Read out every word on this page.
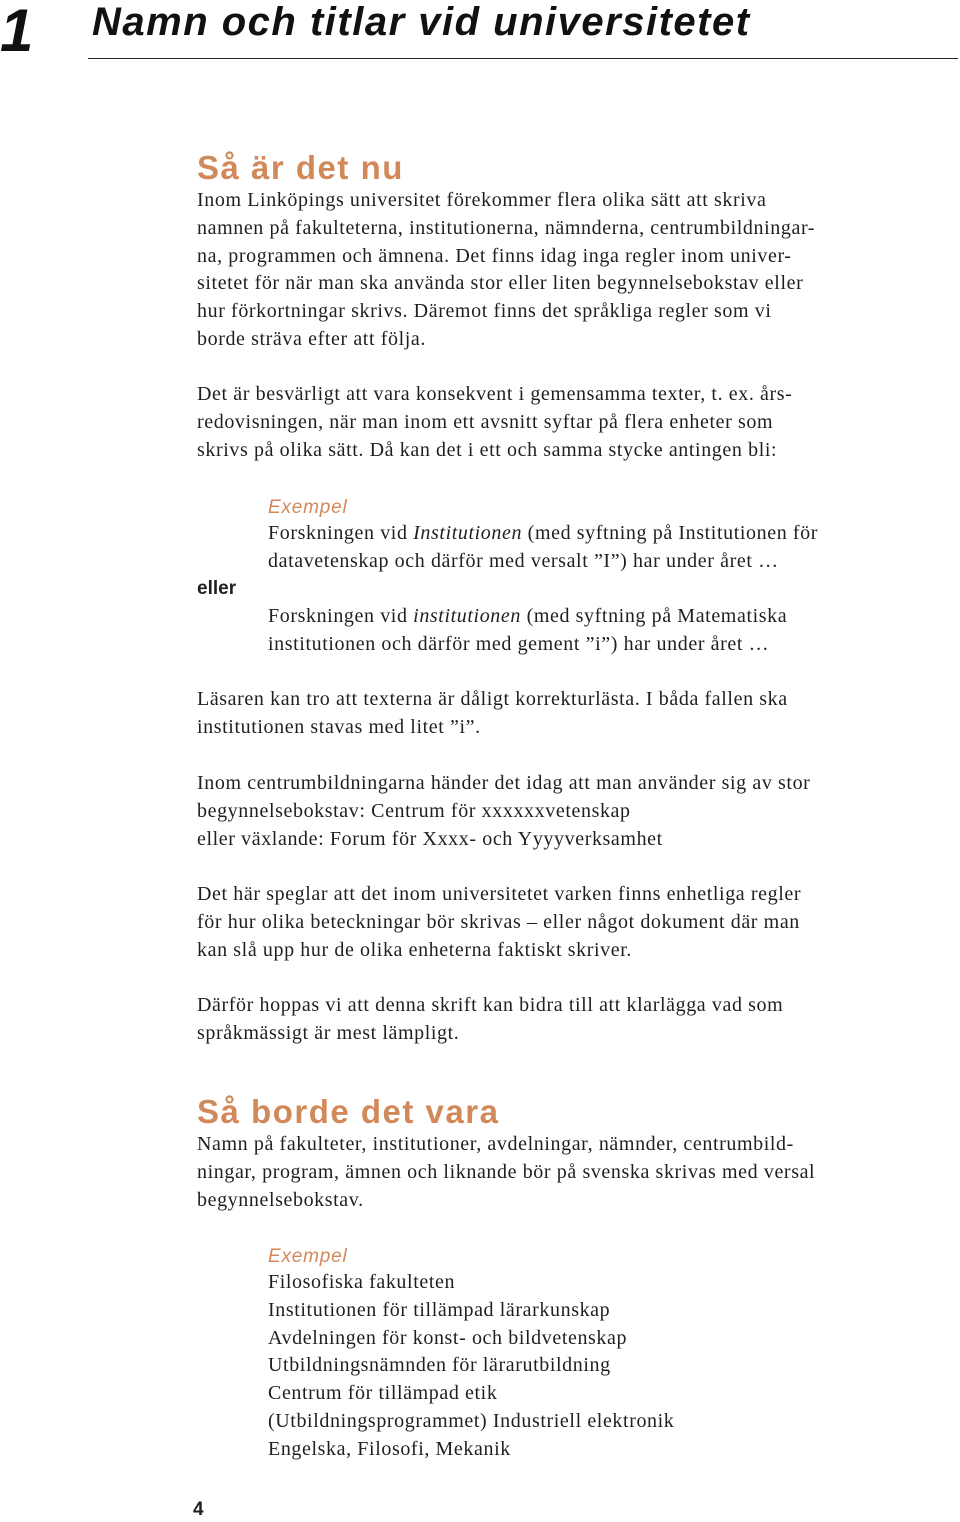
1 Namn och titlar vid universitetet
Så är det nu
Inom Linköpings universitet förekommer flera olika sätt att skriva
namnen på fakulteterna, institutionerna, nämnderna, centrumbildningar-
na, programmen och ämnena. Det finns idag inga regler inom univer-
sitetet för när man ska använda stor eller liten begynnelsebokstav eller
hur förkortningar skrivs. Däremot finns det språkliga regler som vi
borde sträva efter att följa.
Det är besvärligt att vara konsekvent i gemensamma texter, t. ex. års-
redovisningen, när man inom ett avsnitt syftar på flera enheter som
skrivs på olika sätt. Då kan det i ett och samma stycke antingen bli:
Exempel
Forskningen vid Institutionen (med syftning på Institutionen för
datavetenskap och därför med versalt ”I”) har under året …
eller
Forskningen vid institutionen (med syftning på Matematiska
institutionen och därför med gement ”i”) har under året …
Läsaren kan tro att texterna är dåligt korrekturlästa. I båda fallen ska
institutionen stavas med litet ”i”.
Inom centrumbildningarna händer det idag att man använder sig av stor
begynnelsebokstav: Centrum för xxxxxxvetenskap
eller växlande: Forum för Xxxx- och Yyyyverksamhet
Det här speglar att det inom universitetet varken finns enhetliga regler
för hur olika beteckningar bör skrivas – eller något dokument där man
kan slå upp hur de olika enheterna faktiskt skriver.
Därför hoppas vi att denna skrift kan bidra till att klarlägga vad som
språkmässigt är mest lämpligt.
Så borde det vara
Namn på fakulteter, institutioner, avdelningar, nämnder, centrumbild-
ningar, program, ämnen och liknande bör på svenska skrivas med versal
begynnelsebokstav.
Exempel
Filosofiska fakulteten
Institutionen för tillämpad lärarkunskap
Avdelningen för konst- och bildvetenskap
Utbildningsnämnden för lärarutbildning
Centrum för tillämpad etik
(Utbildningsprogrammet) Industriell elektronik
Engelska, Filosofi, Mekanik
4
